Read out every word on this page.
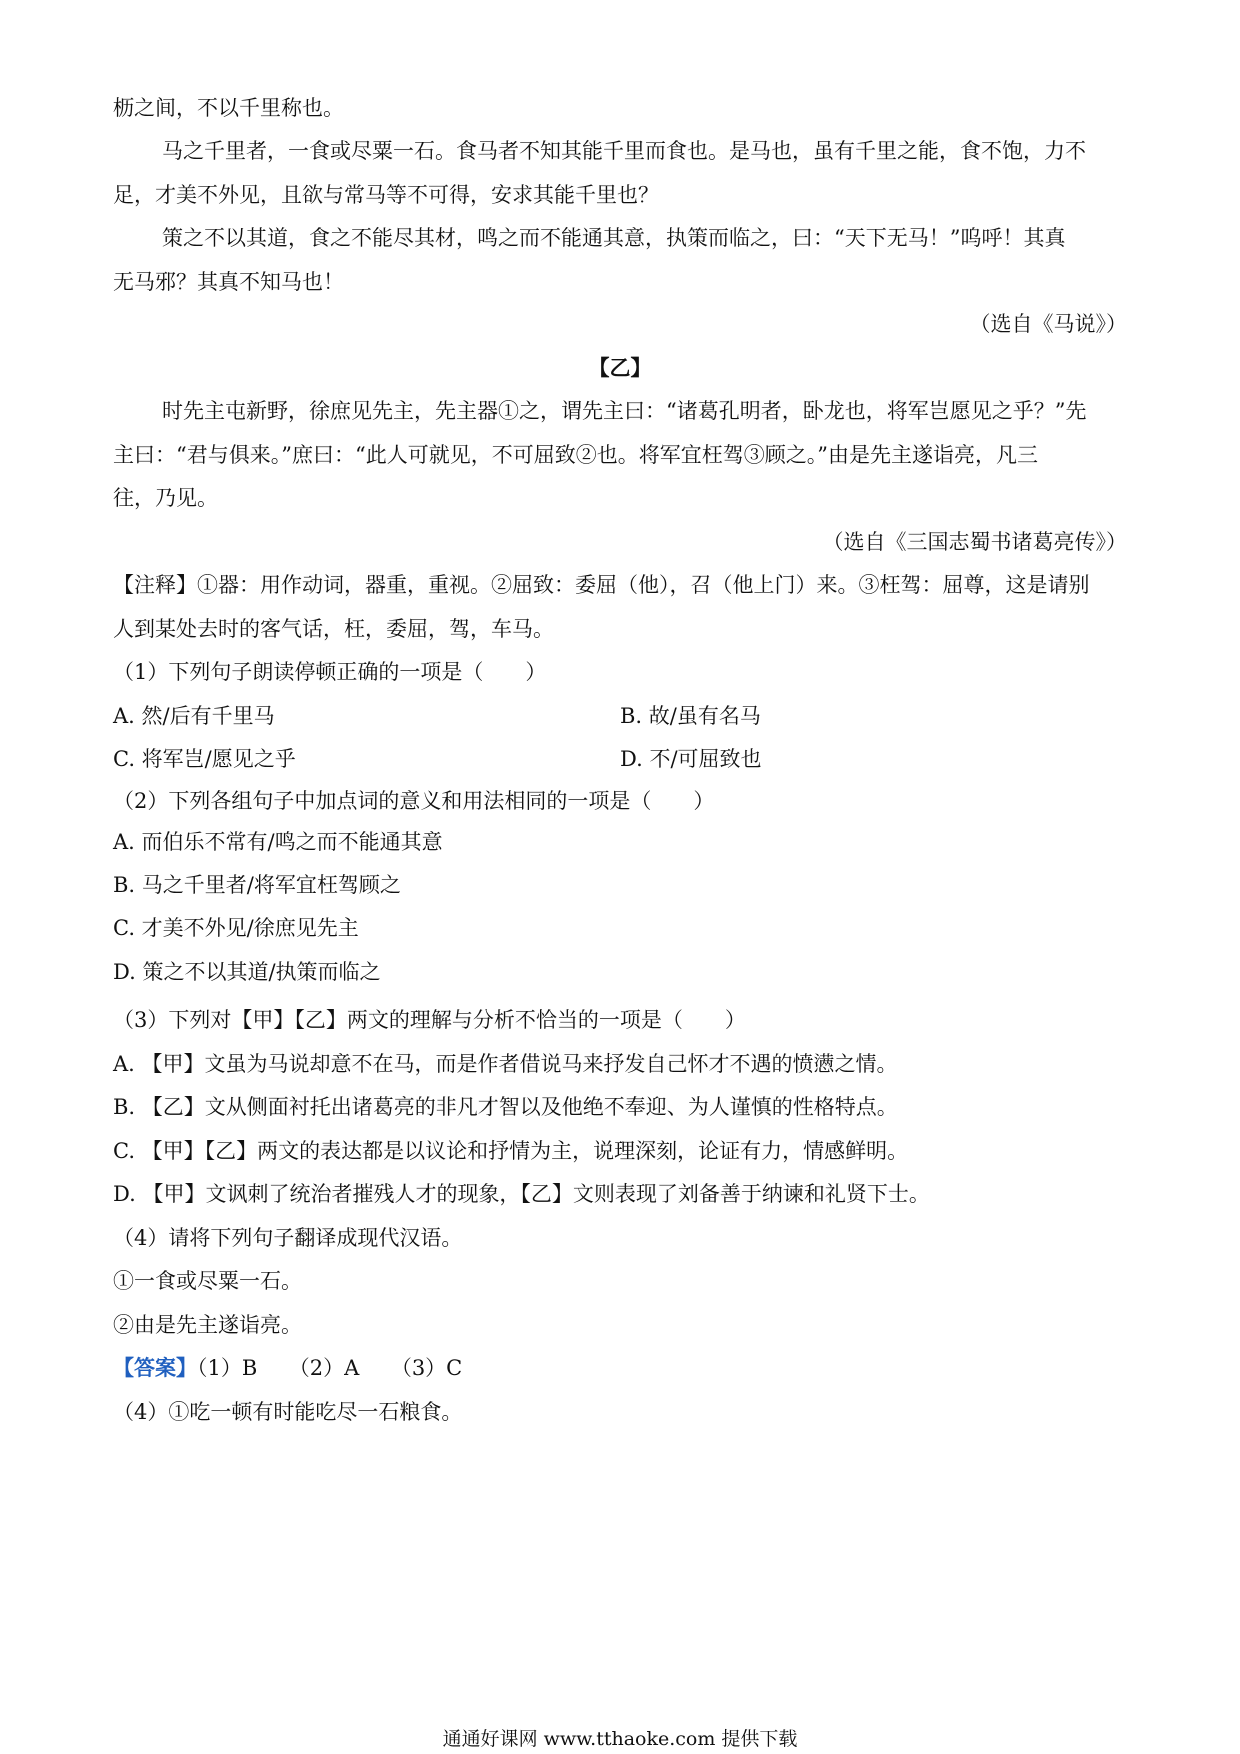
枥之间，不以千里称也。
马之千里者，一食或尽粟一石。食马者不知其能千里而食也。是马也，虽有千里之能，食不饱，力不
足，才美不外见，且欲与常马等不可得，安求其能千里也？
策之不以其道，食之不能尽其材，鸣之而不能通其意，执策而临之，曰：“天下无马！”呜呼！其真
无马邪？其真不知马也！
（选自《马说》）
【乙】
时先主屯新野，徐庶见先主，先主器①之，谓先主曰：“诸葛孔明者，卧龙也，将军岂愿见之乎？”先
主曰：“君与俱来。”庶曰：“此人可就见，不可屈致②也。将军宜枉驾③顾之。”由是先主遂诣亮，凡三
往，乃见。
（选自《三国志蜀书诸葛亮传》）
【注释】①器：用作动词，器重，重视。②屈致：委屈（他），召（他上门）来。③枉驾：屈尊，这是请别
人到某处去时的客气话，枉，委屈，驾，车马。
（1）下列句子朗读停顿正确的一项是（　　）
A. 然/后有千里马	B. 故/虽有名马
C. 将军岂/愿见之乎	D. 不/可屈致也
（2）下列各组句子中加点词的意义和用法相同的一项是（　　）
A. 而伯乐不常有/鸣之而不能通其意
B. 马之千里者/将军宜枉驾顾之
C. 才美不外见/徐庶见先主
D. 策之不以其道/执策而临之
（3）下列对【甲】【乙】两文的理解与分析不恰当的一项是（　　）
A. 【甲】文虽为马说却意不在马，而是作者借说马来抒发自己怀才不遇的愤懑之情。
B. 【乙】文从侧面衬托出诸葛亮的非凡才智以及他绝不奉迎、为人谨慎的性格特点。
C. 【甲】【乙】两文的表达都是以议论和抒情为主，说理深刻，论证有力，情感鲜明。
D. 【甲】文讽刺了统治者摧残人才的现象，【乙】文则表现了刘备善于纳谏和礼贤下士。
（4）请将下列句子翻译成现代汉语。
①一食或尽粟一石。
②由是先主遂诣亮。
【答案】（1）B　　（2）A　　（3）C
（4）①吃一顿有时能吃尽一石粮食。
通通好课网 www.tthaoke.com 提供下载
